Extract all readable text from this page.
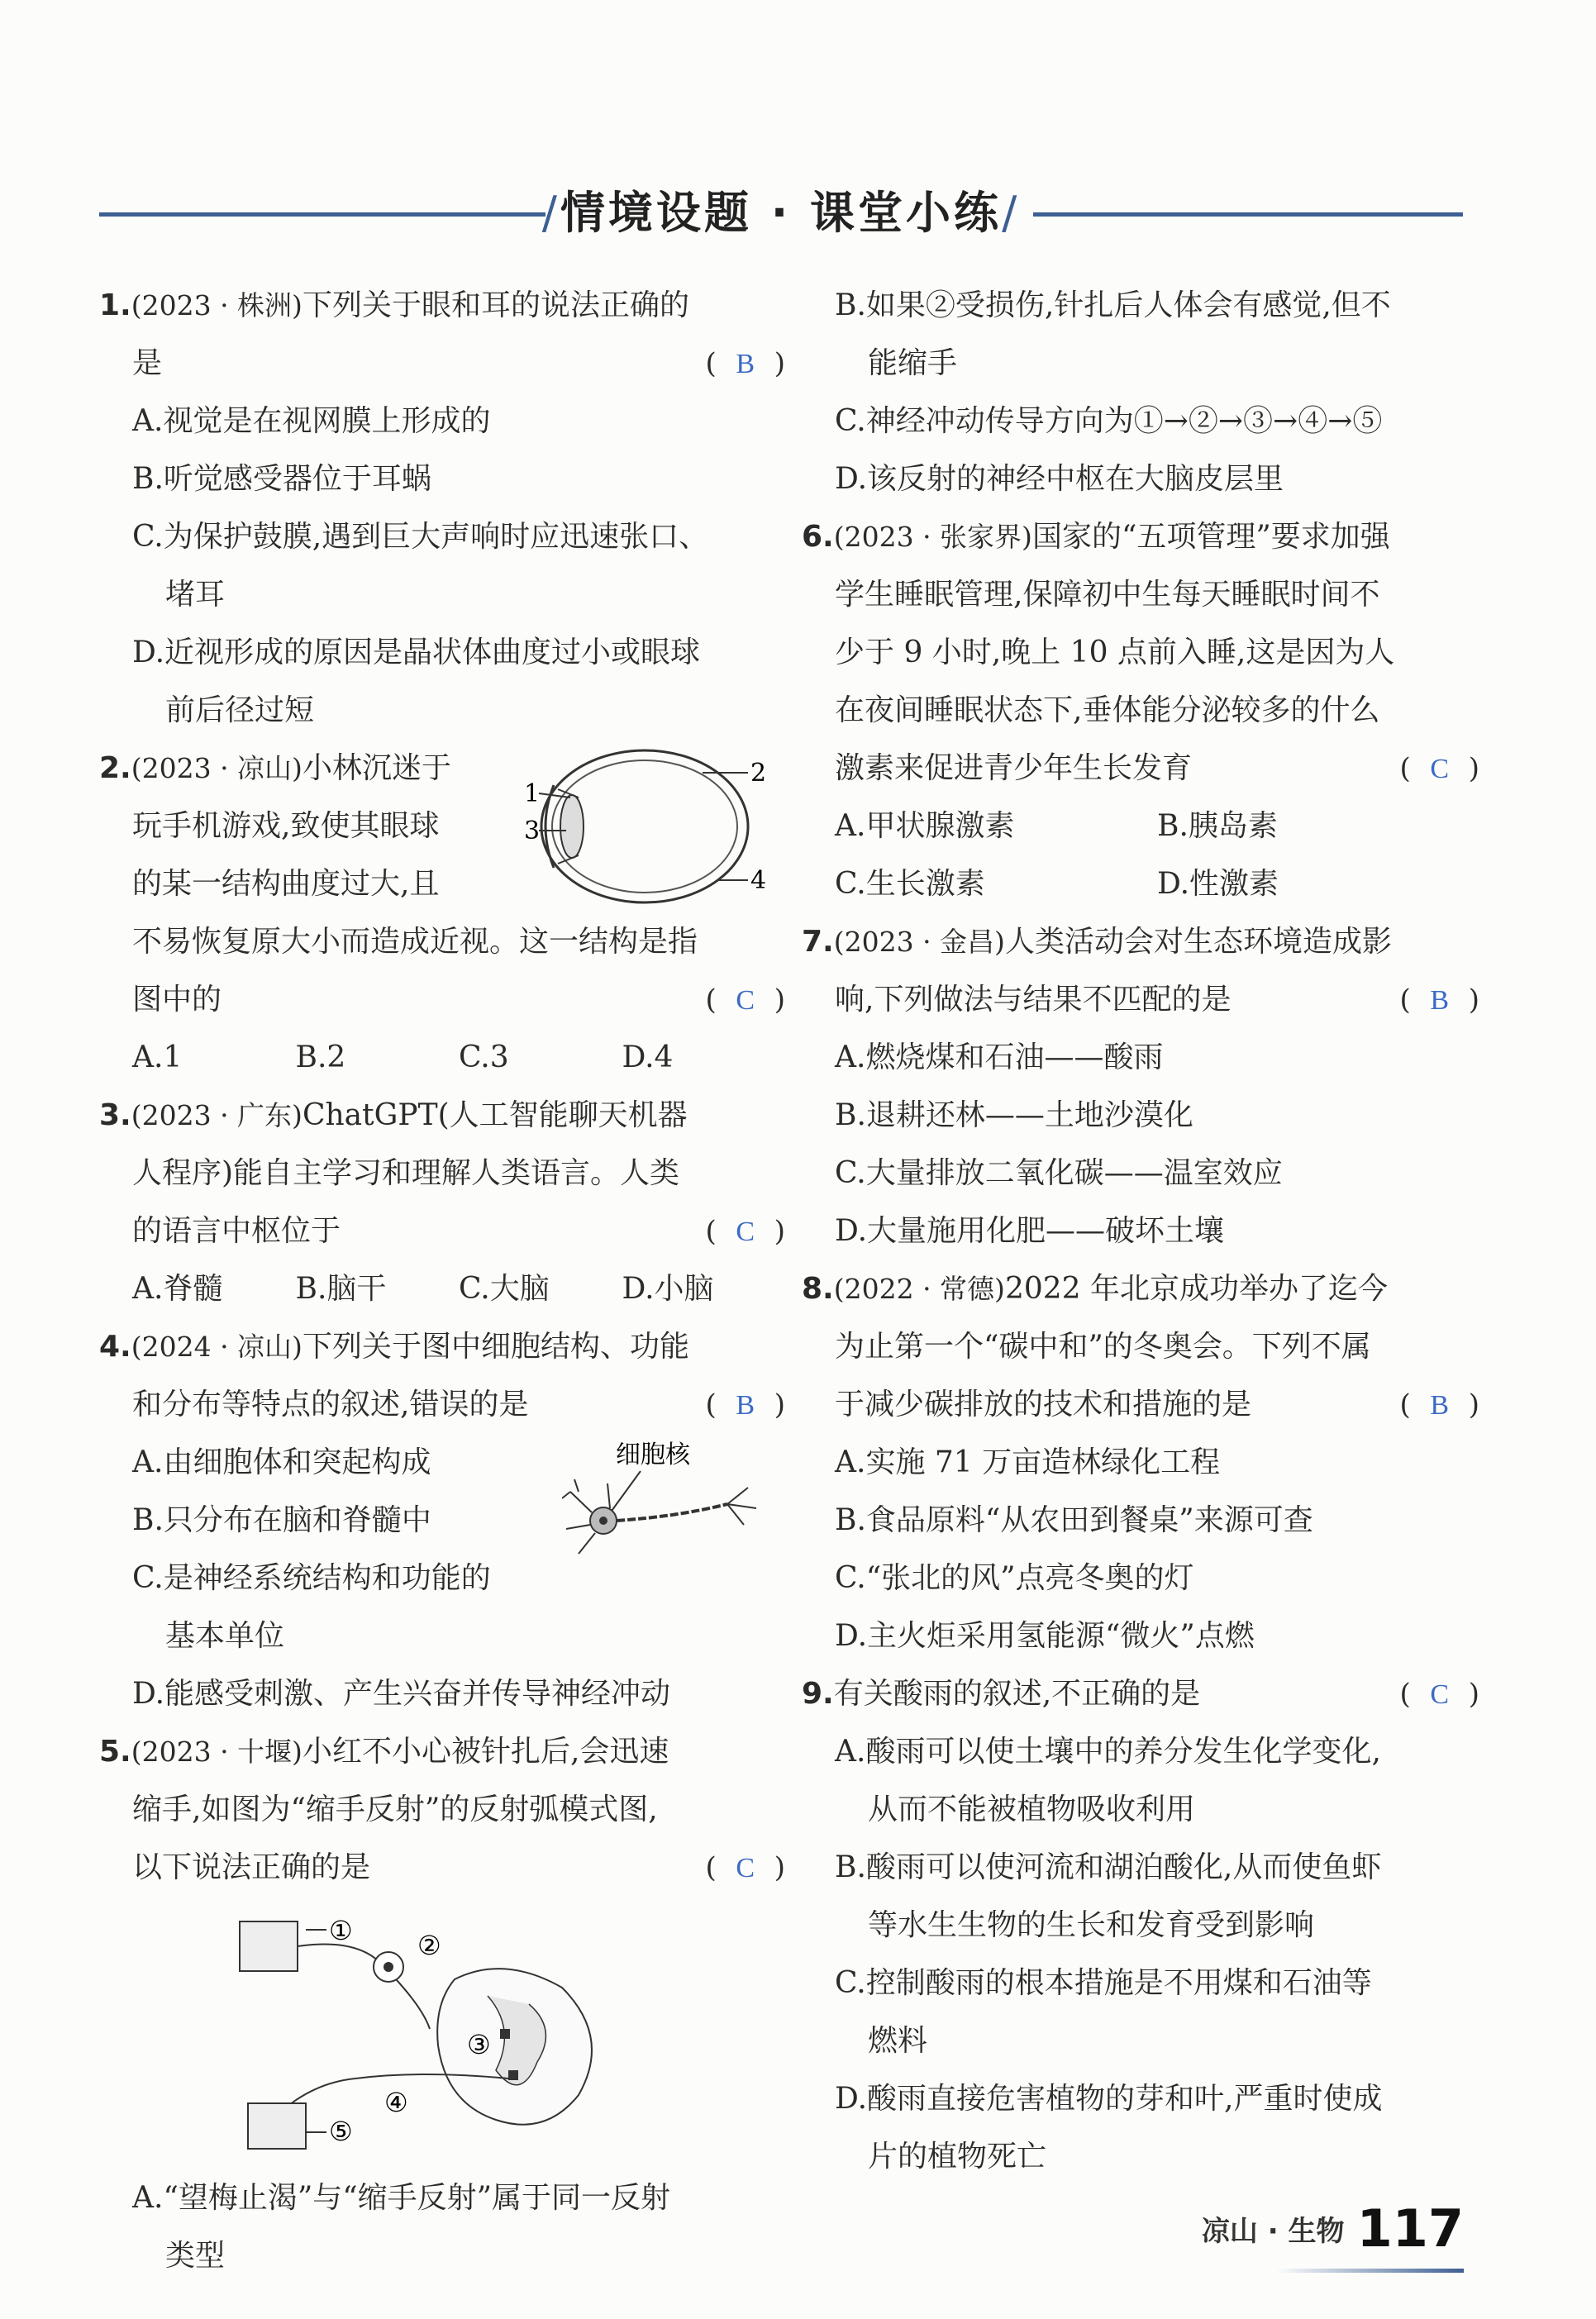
/情境设题 · 课堂小练/
1.(2023 · 株洲)下列关于眼和耳的说法正确的
是	( B )
A.视觉是在视网膜上形成的
B.听觉感受器位于耳蜗
C.为保护鼓膜,遇到巨大声响时应迅速张口、
堵耳
D.近视形成的原因是晶状体曲度过小或眼球
前后径过短
2.(2023 · 凉山)小林沉迷于
玩手机游戏,致使其眼球
的某一结构曲度过大,且
不易恢复原大小而造成近视。这一结构是指
图中的	( C )
A.1	B.2	C.3	D.4
1
2
3
4
3.(2023 · 广东)ChatGPT(人工智能聊天机器
人程序)能自主学习和理解人类语言。人类
的语言中枢位于	( C )
A.脊髓	B.脑干	C.大脑	D.小脑
4.(2024 · 凉山)下列关于图中细胞结构、功能
和分布等特点的叙述,错误的是	( B )
A.由细胞体和突起构成
B.只分布在脑和脊髓中
C.是神经系统结构和功能的
基本单位
D.能感受刺激、产生兴奋并传导神经冲动
细胞核
5.(2023 · 十堰)小红不小心被针扎后,会迅速
缩手,如图为“缩手反射”的反射弧模式图,
以下说法正确的是	( C )
① ②
③
④
⑤
A.“望梅止渴”与“缩手反射”属于同一反射
类型
B.如果②受损伤,针扎后人体会有感觉,但不
能缩手
C.神经冲动传导方向为①→②→③→④→⑤
D.该反射的神经中枢在大脑皮层里
6.(2023 · 张家界)国家的“五项管理”要求加强
学生睡眠管理,保障初中生每天睡眠时间不
少于 9 小时,晚上 10 点前入睡,这是因为人
在夜间睡眠状态下,垂体能分泌较多的什么
激素来促进青少年生长发育	( C )
A.甲状腺激素	B.胰岛素
C.生长激素	D.性激素
7.(2023 · 金昌)人类活动会对生态环境造成影
响,下列做法与结果不匹配的是	( B )
A.燃烧煤和石油——酸雨
B.退耕还林——土地沙漠化
C.大量排放二氧化碳——温室效应
D.大量施用化肥——破坏土壤
8.(2022 · 常德)2022 年北京成功举办了迄今
为止第一个“碳中和”的冬奥会。下列不属
于减少碳排放的技术和措施的是	( B )
A.实施 71 万亩造林绿化工程
B.食品原料“从农田到餐桌”来源可查
C.“张北的风”点亮冬奥的灯
D.主火炬采用氢能源“微火”点燃
9.有关酸雨的叙述,不正确的是	( C )
A.酸雨可以使土壤中的养分发生化学变化,
从而不能被植物吸收利用
B.酸雨可以使河流和湖泊酸化,从而使鱼虾
等水生生物的生长和发育受到影响
C.控制酸雨的根本措施是不用煤和石油等
燃料
D.酸雨直接危害植物的芽和叶,严重时使成
片的植物死亡
凉山 · 生物 117
